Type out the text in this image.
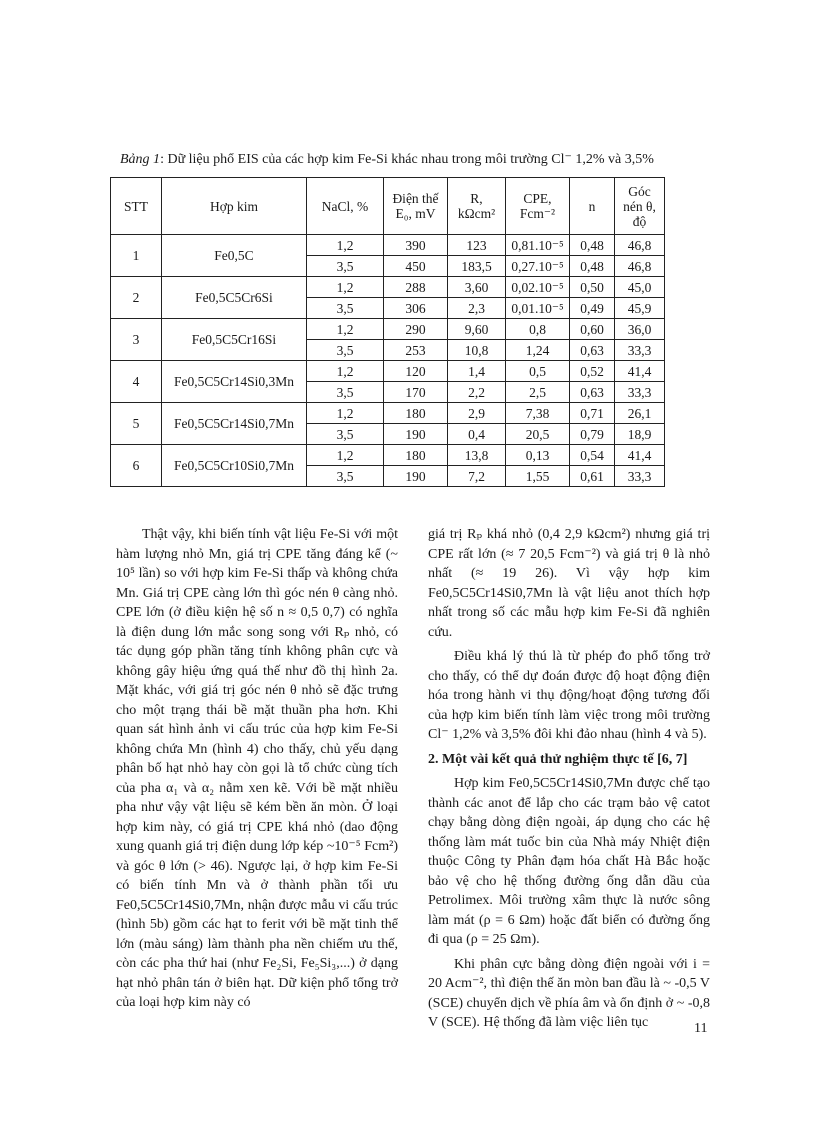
Bảng 1: Dữ liệu phổ EIS của các hợp kim Fe-Si khác nhau trong môi trường Cl⁻ 1,2% và 3,5%
STT	Hợp kim	NaCl, %	Điện thế E₀, mV	R, kΩcm²	CPE, Fcm⁻²	n	Góc nén θ, độ
1	Fe0,5C	1,2	390	123	0,81.10⁻⁵	0,48	46,8
		3,5	450	183,5	0,27.10⁻⁵	0,48	46,8
2	Fe0,5C5Cr6Si	1,2	288	3,60	0,02.10⁻⁵	0,50	45,0
		3,5	306	2,3	0,01.10⁻⁵	0,49	45,9
3	Fe0,5C5Cr16Si	1,2	290	9,60	0,8	0,60	36,0
		3,5	253	10,8	1,24	0,63	33,3
4	Fe0,5C5Cr14Si0,3Mn	1,2	120	1,4	0,5	0,52	41,4
		3,5	170	2,2	2,5	0,63	33,3
5	Fe0,5C5Cr14Si0,7Mn	1,2	180	2,9	7,38	0,71	26,1
		3,5	190	0,4	20,5	0,79	18,9
6	Fe0,5C5Cr10Si0,7Mn	1,2	180	13,8	0,13	0,54	41,4
		3,5	190	7,2	1,55	0,61	33,3

Thật vậy, khi biến tính vật liệu Fe-Si với một hàm lượng nhỏ Mn, giá trị CPE tăng đáng kể (~ 10⁵ lần) so với hợp kim Fe-Si thấp và không chứa Mn. Giá trị CPE càng lớn thì góc nén θ càng nhỏ. CPE lớn (ở điều kiện hệ số n ≈ 0,5 0,7) có nghĩa là điện dung lớn mắc song song với Rₚ nhỏ, có tác dụng góp phần tăng tính không phân cực và không gây hiệu ứng quá thế như đồ thị hình 2a. Mặt khác, với giá trị góc nén θ nhỏ sẽ đặc trưng cho một trạng thái bề mặt thuần pha hơn. Khi quan sát hình ảnh vi cấu trúc của hợp kim Fe-Si không chứa Mn (hình 4) cho thấy, chủ yếu dạng phân bố hạt nhỏ hay còn gọi là tổ chức cùng tích của pha α₁ và α₂ nằm xen kẽ. Với bề mặt nhiều pha như vậy vật liệu sẽ kém bền ăn mòn. Ở loại hợp kim này, có giá trị CPE khá nhỏ (dao động xung quanh giá trị điện dung lớp kép ~10⁻⁵ Fcm²) và góc θ lớn (> 46). Ngược lại, ở hợp kim Fe-Si có biến tính Mn và ở thành phần tối ưu Fe0,5C5Cr14Si0,7Mn, nhận được mẫu vi cấu trúc (hình 5b) gồm các hạt to ferit với bề mặt tinh thể lớn (màu sáng) làm thành pha nền chiếm ưu thế, còn các pha thứ hai (như Fe₂Si, Fe₅Si₃,...) ở dạng hạt nhỏ phân tán ở biên hạt. Dữ kiện phổ tổng trở của loại hợp kim này có

giá trị Rₚ khá nhỏ (0,4 2,9 kΩcm²) nhưng giá trị CPE rất lớn (≈ 7 20,5 Fcm⁻²) và giá trị θ là nhỏ nhất (≈ 19 26). Vì vậy hợp kim Fe0,5C5Cr14Si0,7Mn là vật liệu anot thích hợp nhất trong số các mẫu hợp kim Fe-Si đã nghiên cứu.

Điều khá lý thú là từ phép đo phổ tổng trở cho thấy, có thể dự đoán được độ hoạt động điện hóa trong hành vi thụ động/hoạt động tương đối của hợp kim biến tính làm việc trong môi trường Cl⁻ 1,2% và 3,5% đôi khi đảo nhau (hình 4 và 5).

2. Một vài kết quả thử nghiệm thực tế [6, 7]

Hợp kim Fe0,5C5Cr14Si0,7Mn được chế tạo thành các anot để lắp cho các trạm bảo vệ catot chạy bằng dòng điện ngoài, áp dụng cho các hệ thống làm mát tuốc bin của Nhà máy Nhiệt điện thuộc Công ty Phân đạm hóa chất Hà Bắc hoặc bảo vệ cho hệ thống đường ống dẫn dầu của Petrolimex. Môi trường xâm thực là nước sông làm mát (ρ = 6 Ωm) hoặc đất biển có đường ống đi qua (ρ = 25 Ωm).

Khi phân cực bằng dòng điện ngoài với i = 20 Acm⁻², thì điện thế ăn mòn ban đầu là ~ -0,5 V (SCE) chuyển dịch về phía âm và ổn định ở ~ -0,8 V (SCE). Hệ thống đã làm việc liên tục	11
